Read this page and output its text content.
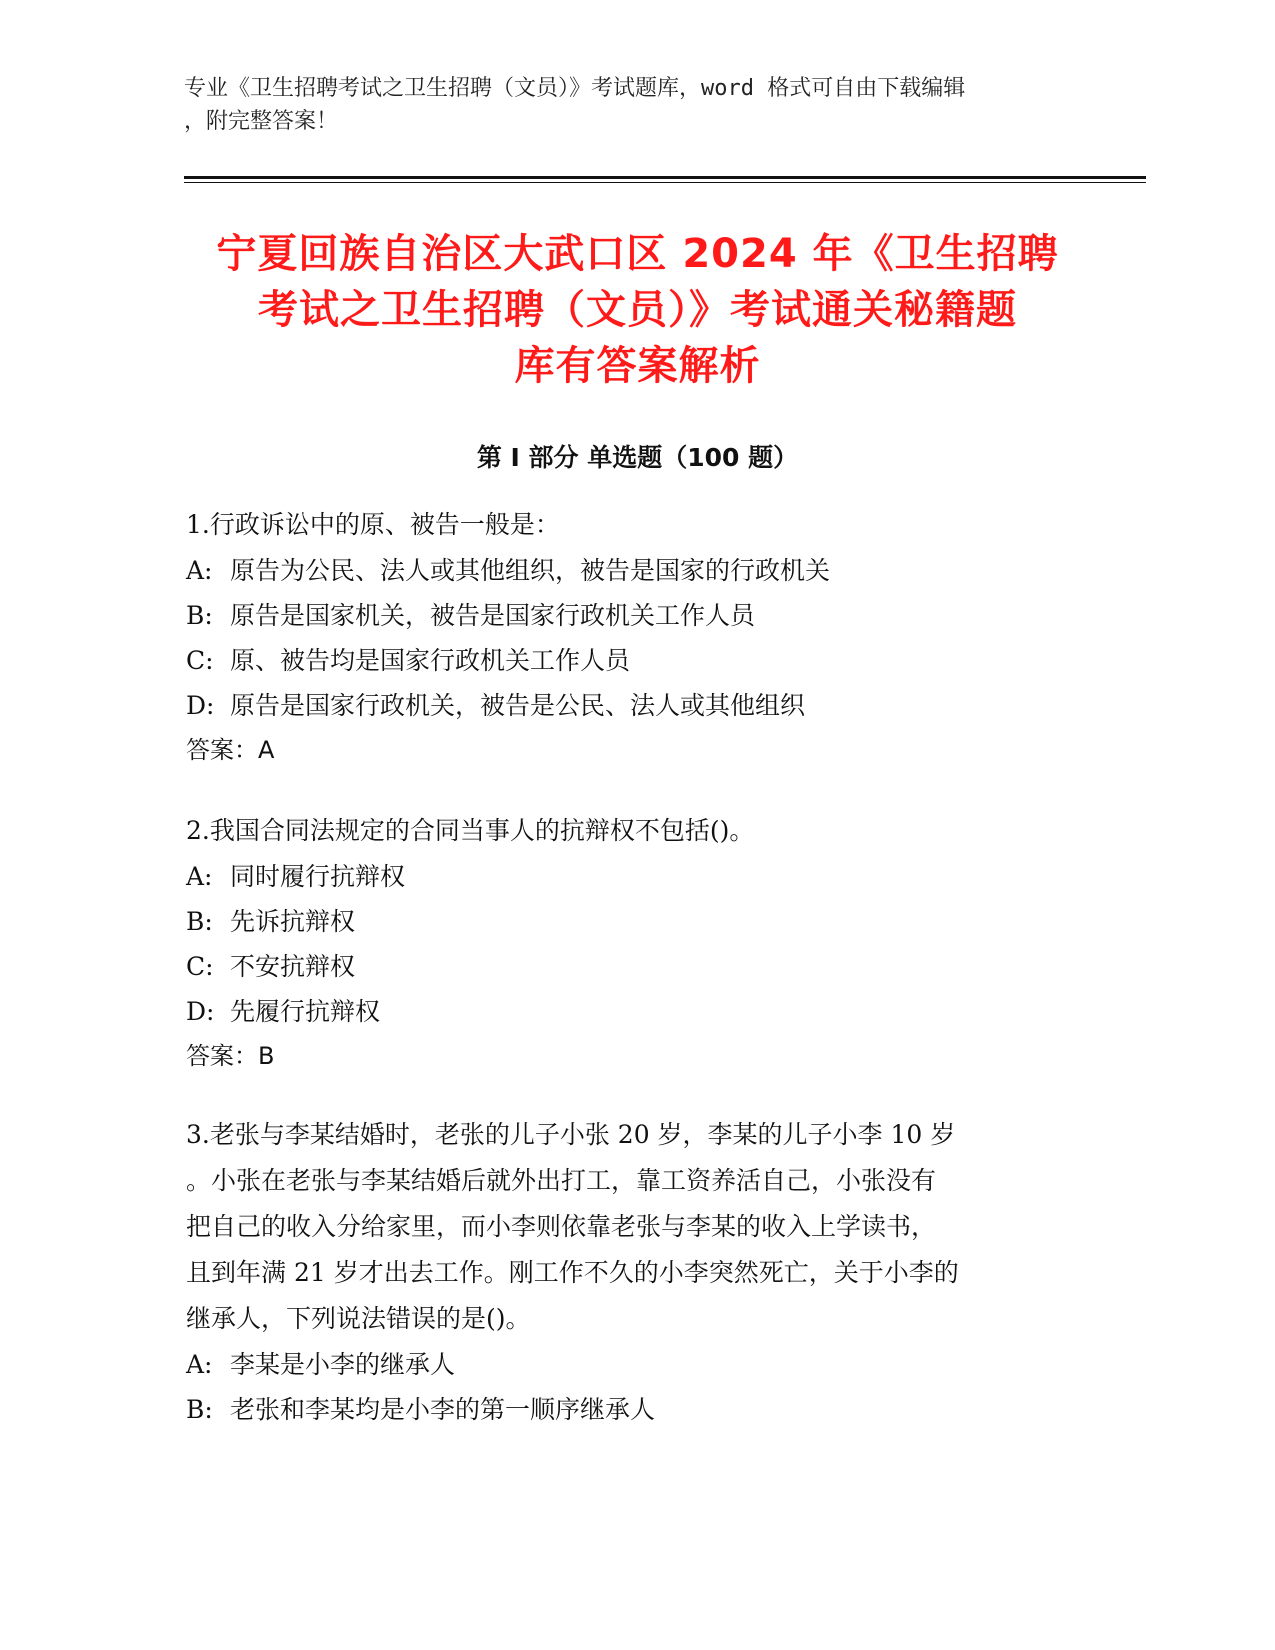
专业《卫生招聘考试之卫生招聘（文员）》考试题库，word 格式可自由下载编辑
，附完整答案！
宁夏回族自治区大武口区 2024 年《卫生招聘
考试之卫生招聘（文员）》考试通关秘籍题
库有答案解析
第 I 部分 单选题（100 题）
1.行政诉讼中的原、被告一般是：
A: 原告为公民、法人或其他组织，被告是国家的行政机关
B: 原告是国家机关，被告是国家行政机关工作人员
C: 原、被告均是国家行政机关工作人员
D: 原告是国家行政机关，被告是公民、法人或其他组织
答案：A
2.我国合同法规定的合同当事人的抗辩权不包括()。
A: 同时履行抗辩权
B: 先诉抗辩权
C: 不安抗辩权
D: 先履行抗辩权
答案：B
3.老张与李某结婚时，老张的儿子小张 20 岁，李某的儿子小李 10 岁
。小张在老张与李某结婚后就外出打工，靠工资养活自己，小张没有
把自己的收入分给家里，而小李则依靠老张与李某的收入上学读书，
且到年满 21 岁才出去工作。刚工作不久的小李突然死亡，关于小李的
继承人，下列说法错误的是()。
A: 李某是小李的继承人
B: 老张和李某均是小李的第一顺序继承人
